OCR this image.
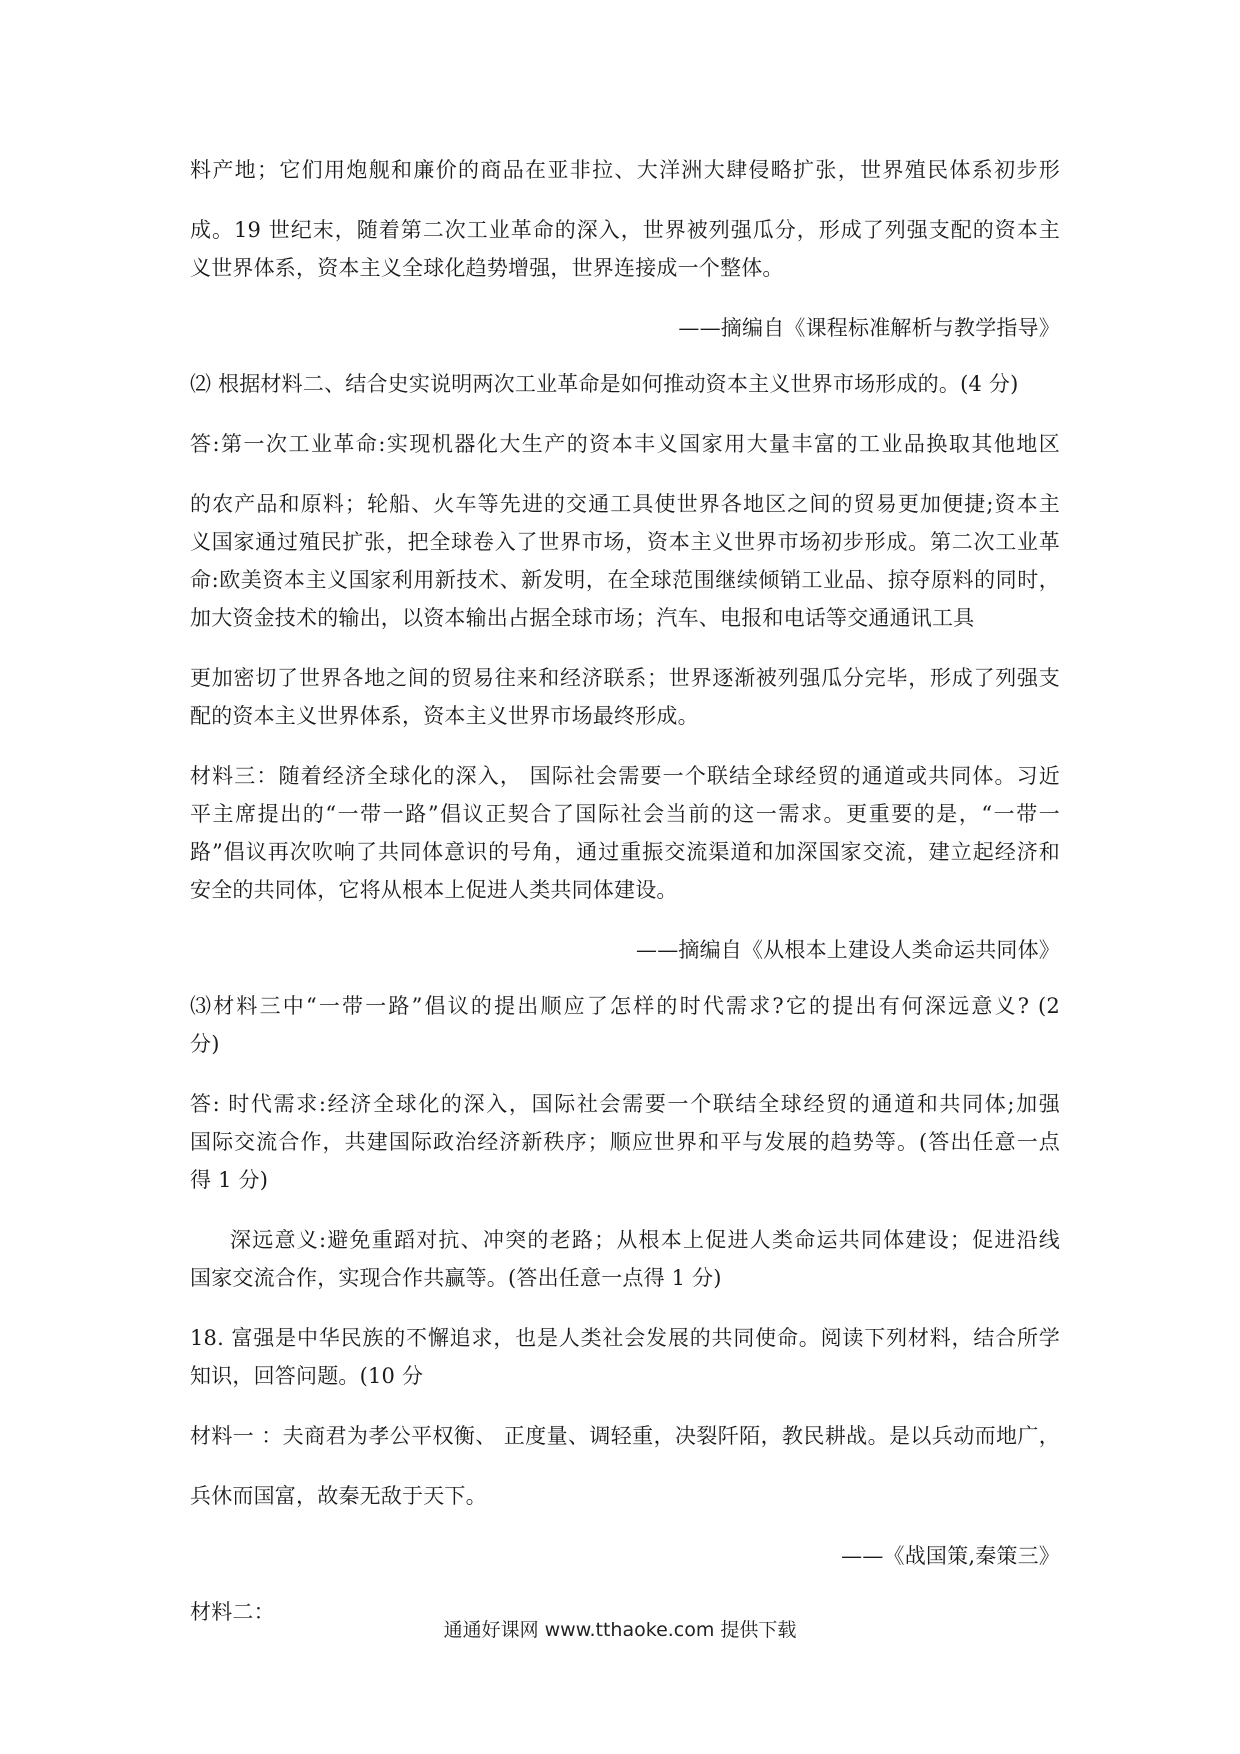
料产地；它们用炮舰和廉价的商品在亚非拉、大洋洲大肆侵略扩张，世界殖民体系初步形
成。19 世纪末，随着第二次工业革命的深入，世界被列强瓜分，形成了列强支配的资本主
义世界体系，资本主义全球化趋势增强，世界连接成一个整体。
——摘编自《课程标准解析与教学指导》
⑵ 根据材料二、结合史实说明两次工业革命是如何推动资本主义世界市场形成的。(4 分)
答:第一次工业革命:实现机器化大生产的资本丰义国家用大量丰富的工业品换取其他地区
的农产品和原料；轮船、火车等先进的交通工具使世界各地区之间的贸易更加便捷;资本主
义国家通过殖民扩张，把全球卷入了世界市场，资本主义世界市场初步形成。第二次工业革
命:欧美资本主义国家利用新技术、新发明，在全球范围继续倾销工业品、掠夺原料的同时，
加大资金技术的输出，以资本输出占据全球市场；汽车、电报和电话等交通通讯工具
更加密切了世界各地之间的贸易往来和经济联系；世界逐渐被列强瓜分完毕，形成了列强支
配的资本主义世界体系，资本主义世界市场最终形成。
材料三：随着经济全球化的深入， 国际社会需要一个联结全球经贸的通道或共同体。习近
平主席提出的“一带一路”倡议正契合了国际社会当前的这一需求。更重要的是，“一带一
路”倡议再次吹响了共同体意识的号角，通过重振交流渠道和加深国家交流，建立起经济和
安全的共同体，它将从根本上促进人类共同体建设。
——摘编自《从根本上建设人类命运共同体》
⑶材料三中“一带一路”倡议的提出顺应了怎样的时代需求?它的提出有何深远意义? (2
分)
答: 时代需求:经济全球化的深入，国际社会需要一个联结全球经贸的通道和共同体;加强
国际交流合作，共建国际政治经济新秩序；顺应世界和平与发展的趋势等。(答出任意一点
得 1 分)
深远意义:避免重蹈对抗、冲突的老路；从根本上促进人类命运共同体建设；促进沿线
国家交流合作，实现合作共赢等。(答出任意一点得 1 分)
18. 富强是中华民族的不懈追求，也是人类社会发展的共同使命。阅读下列材料，结合所学
知识，回答问题。(10 分
材料一 ：夫商君为孝公平权衡、 正度量、调轻重，决裂阡陌，教民耕战。是以兵动而地广，
兵休而国富，故秦无敌于天下。
——《战国策,秦策三》
材料二：
通通好课网 www.tthaoke.com 提供下载
